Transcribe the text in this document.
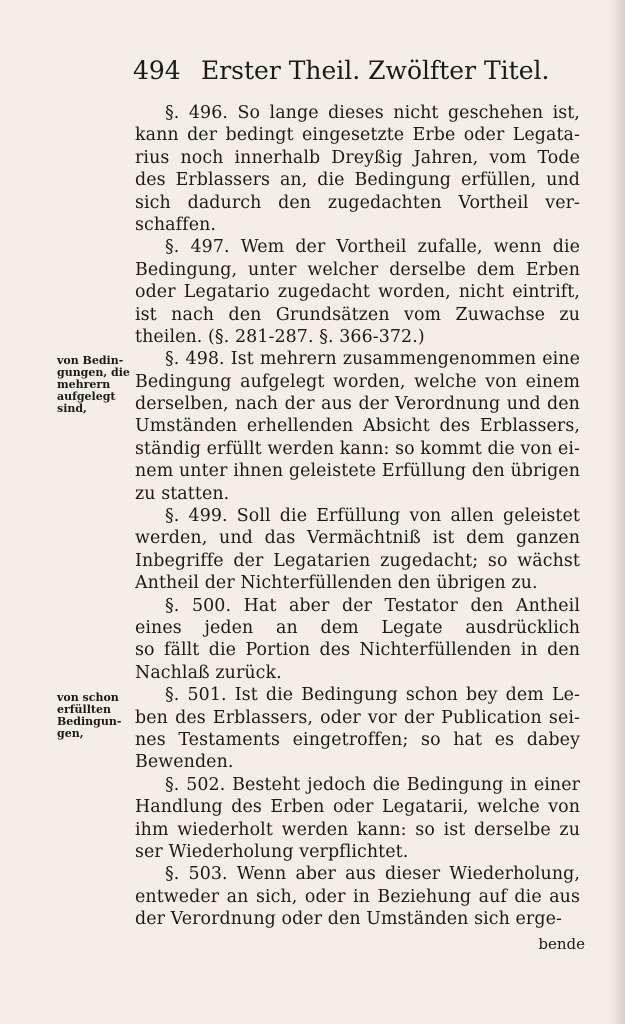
494 Erster Theil. Zwölfter Titel.
§. 496. So lange dieses nicht geschehen ist,
kann der bedingt eingesetzte Erbe oder Legata-
rius noch innerhalb Dreyßig Jahren, vom Tode
des Erblassers an, die Bedingung erfüllen, und
sich dadurch den zugedachten Vortheil ver-
schaffen.
§. 497. Wem der Vortheil zufalle, wenn die
Bedingung, unter welcher derselbe dem Erben
oder Legatario zugedacht worden, nicht eintrift,
ist nach den Grundsätzen vom Zuwachse zu
theilen. (§. 281-287. §. 366-372.)
§. 498. Ist mehrern zusammengenommen eine
Bedingung aufgelegt worden, welche von einem
derselben, nach der aus der Verordnung und den
Umständen erhellenden Absicht des Erblassers,
ständig erfüllt werden kann: so kommt die von ei-
nem unter ihnen geleistete Erfüllung den übrigen
zu statten.
§. 499. Soll die Erfüllung von allen geleistet
werden, und das Vermächtniß ist dem ganzen
Inbegriffe der Legatarien zugedacht; so wächst
Antheil der Nichterfüllenden den übrigen zu.
§. 500. Hat aber der Testator den Antheil
eines jeden an dem Legate ausdrücklich
so fällt die Portion des Nichterfüllenden in den
Nachlaß zurück.
§. 501. Ist die Bedingung schon bey dem Le-
ben des Erblassers, oder vor der Publication sei-
nes Testaments eingetroffen; so hat es dabey
Bewenden.
§. 502. Besteht jedoch die Bedingung in einer
Handlung des Erben oder Legatarii, welche von
ihm wiederholt werden kann: so ist derselbe zu
ser Wiederholung verpflichtet.
§. 503. Wenn aber aus dieser Wiederholung,
entweder an sich, oder in Beziehung auf die aus
der Verordnung oder den Umständen sich erge-
von Bedin-
gungen, die
mehrern
aufgelegt
sind,
von schon
erfüllten
Bedingun-
gen,
bende
